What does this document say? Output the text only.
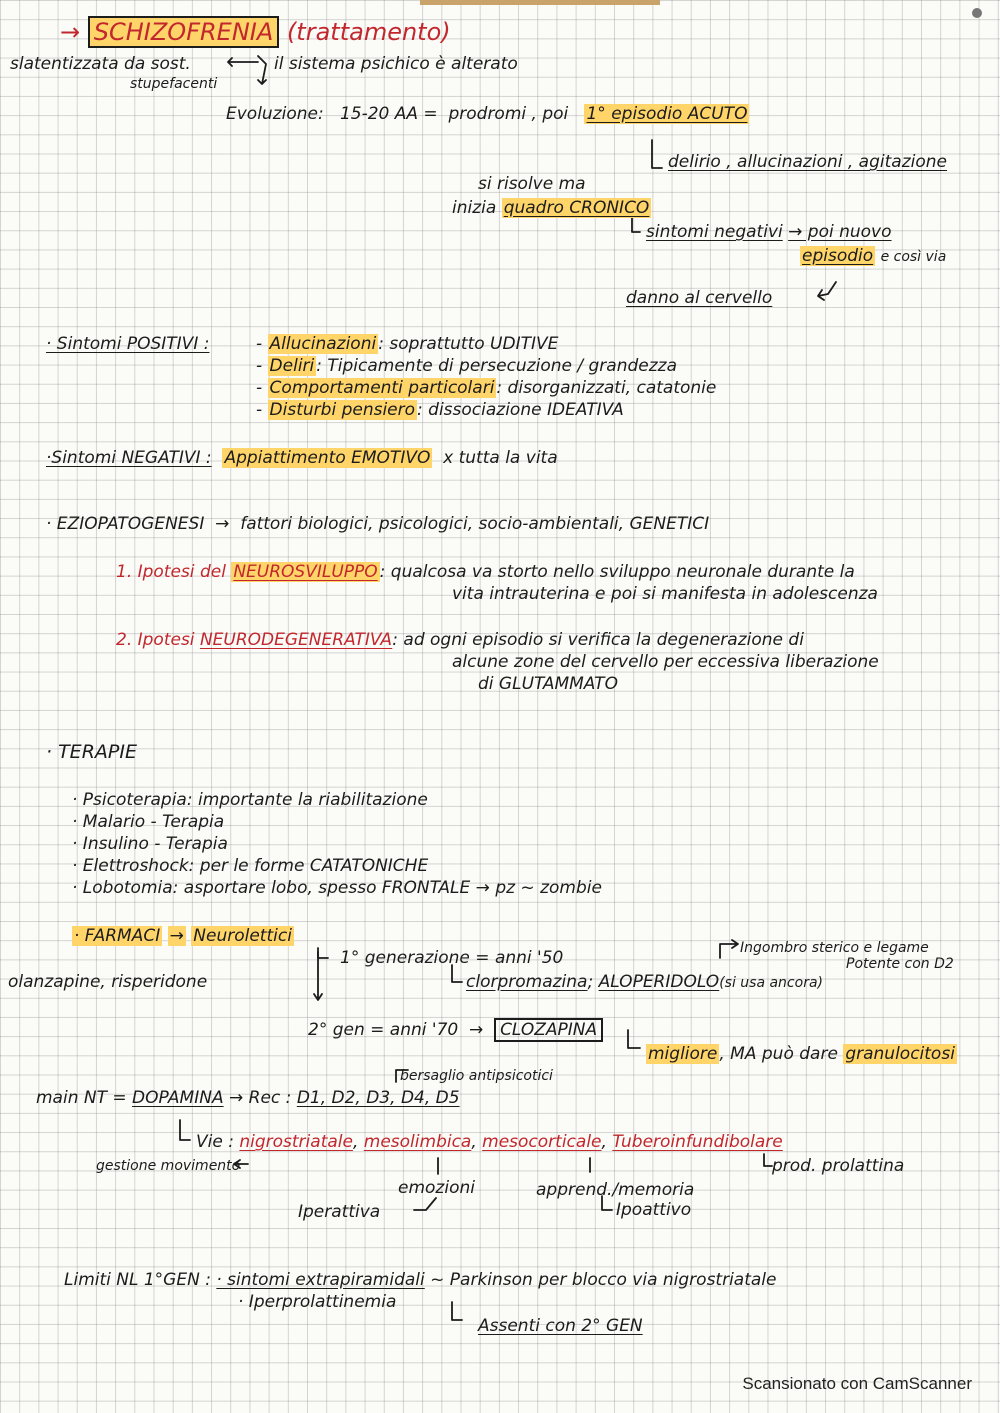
→ SCHIZOFRENIA (trattamento)
slatentizzata da sost.
stupefacenti
il sistema psichico è alterato
Evoluzione: 15-20 AA = prodromi , poi 1° episodio ACUTO
delirio , allucinazioni , agitazione
si risolve ma
inizia quadro CRONICO
sintomi negativi → poi nuovo
episodio e così via
danno al cervello
· Sintomi POSITIVI :	- Allucinazioni : soprattutto UDITIVE
- Deliri : Tipicamente di persecuzione / grandezza
- Comportamenti particolari : disorganizzati, catatonie
- Disturbi pensiero : dissociazione IDEATIVA
·Sintomi NEGATIVI : Appiattimento EMOTIVO x tutta la vita
· EZIOPATOGENESI  →  fattori biologici, psicologici, socio-ambientali, GENETICI
1. Ipotesi del NEUROSVILUPPO : qualcosa va storto nello sviluppo neuronale durante la
vita intrauterina e poi si manifesta in adolescenza
2. Ipotesi NEURODEGENERATIVA: ad ogni episodio si verifica la degenerazione di
alcune zone del cervello per eccessiva liberazione
di GLUTAMMATO
· TERAPIE
· Psicoterapia: importante la riabilitazione
· Malario - Terapia
· Insulino - Terapia
· Elettroshock: per le forme CATATONICHE
· Lobotomia: asportare lobo, spesso FRONTALE → pz ~ zombie
· FARMACI → Neurolettici
1° generazione = anni '50	Ingombro sterico e legame
Potente con D2
olanzapine, risperidone	clorpromazina; ALOPERIDOLO(si usa ancora)
2° gen = anni '70  →  CLOZAPINA
migliore , MA può dare granulocitosi
bersaglio antipsicotici
main NT = DOPAMINA → Rec : D1, D2, D3, D4, D5
Vie : nigrostriatale, mesolimbica, mesocorticale, Tuberoinfundibolare
gestione movimento	prod. prolattina
emozioni	apprend./memoria
Iperattiva	Ipoattivo
Limiti NL 1°GEN : · sintomi extrapiramidali ~ Parkinson per blocco via nigrostriatale
· Iperprolattinemia
Assenti con 2° GEN
Scansionato con CamScanner
